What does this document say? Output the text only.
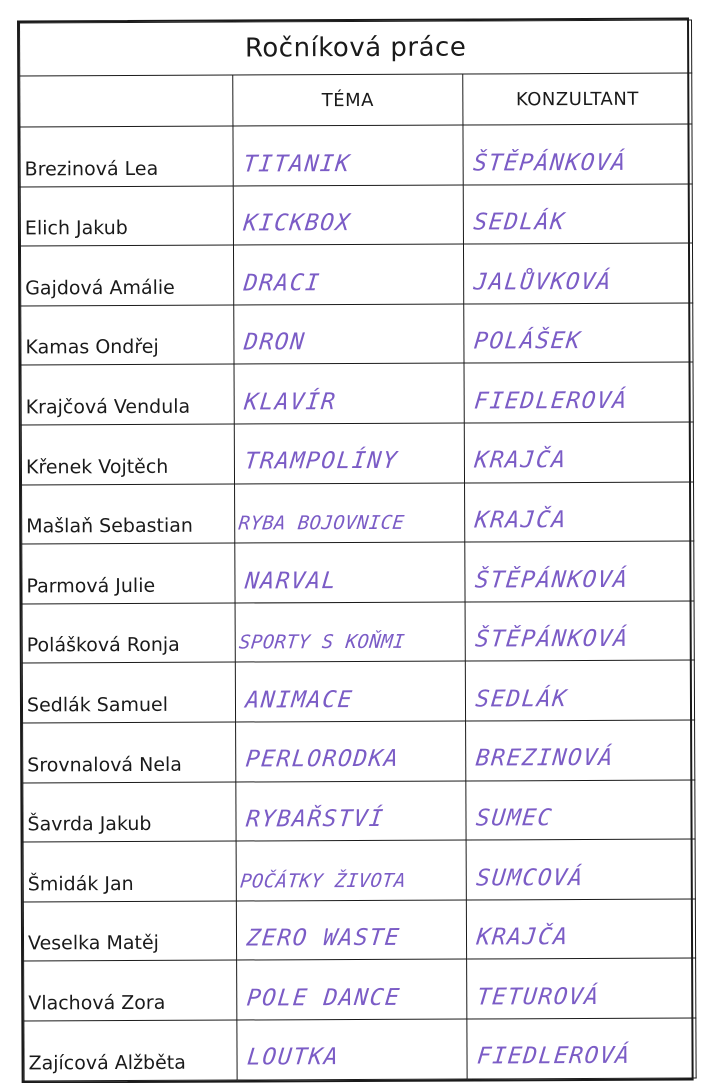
Ročníková práce		
	TÉMA	KONZULTANT
Brezinová Lea	TITANIK	ŠTĚPÁNKOVÁ
Elich Jakub	KICKBOX	SEDLÁK
Gajdová Amálie	DRACI	JALŮVKOVÁ
Kamas Ondřej	DRON	POLÁŠEK
Krajčová Vendula	KLAVÍR	FIEDLEROVÁ
Křenek Vojtěch	TRAMPOLÍNY	KRAJČA
Mašlaň Sebastian	RYBA BOJOVNICE	KRAJČA
Parmová Julie	NARVAL	ŠTĚPÁNKOVÁ
Polášková Ronja	SPORTY S KOŇMI	ŠTĚPÁNKOVÁ
Sedlák Samuel	ANIMACE	SEDLÁK
Srovnalová Nela	PERLORODKA	BREZINOVÁ
Šavrda Jakub	RYBAŘSTVÍ	SUMEC
Šmidák Jan	POČÁTKY ŽIVOTA	SUMCOVÁ
Veselka Matěj	ZERO WASTE	KRAJČA
Vlachová Zora	POLE DANCE	TETUROVÁ
Zajícová Alžběta	LOUTKA	FIEDLEROVÁ
